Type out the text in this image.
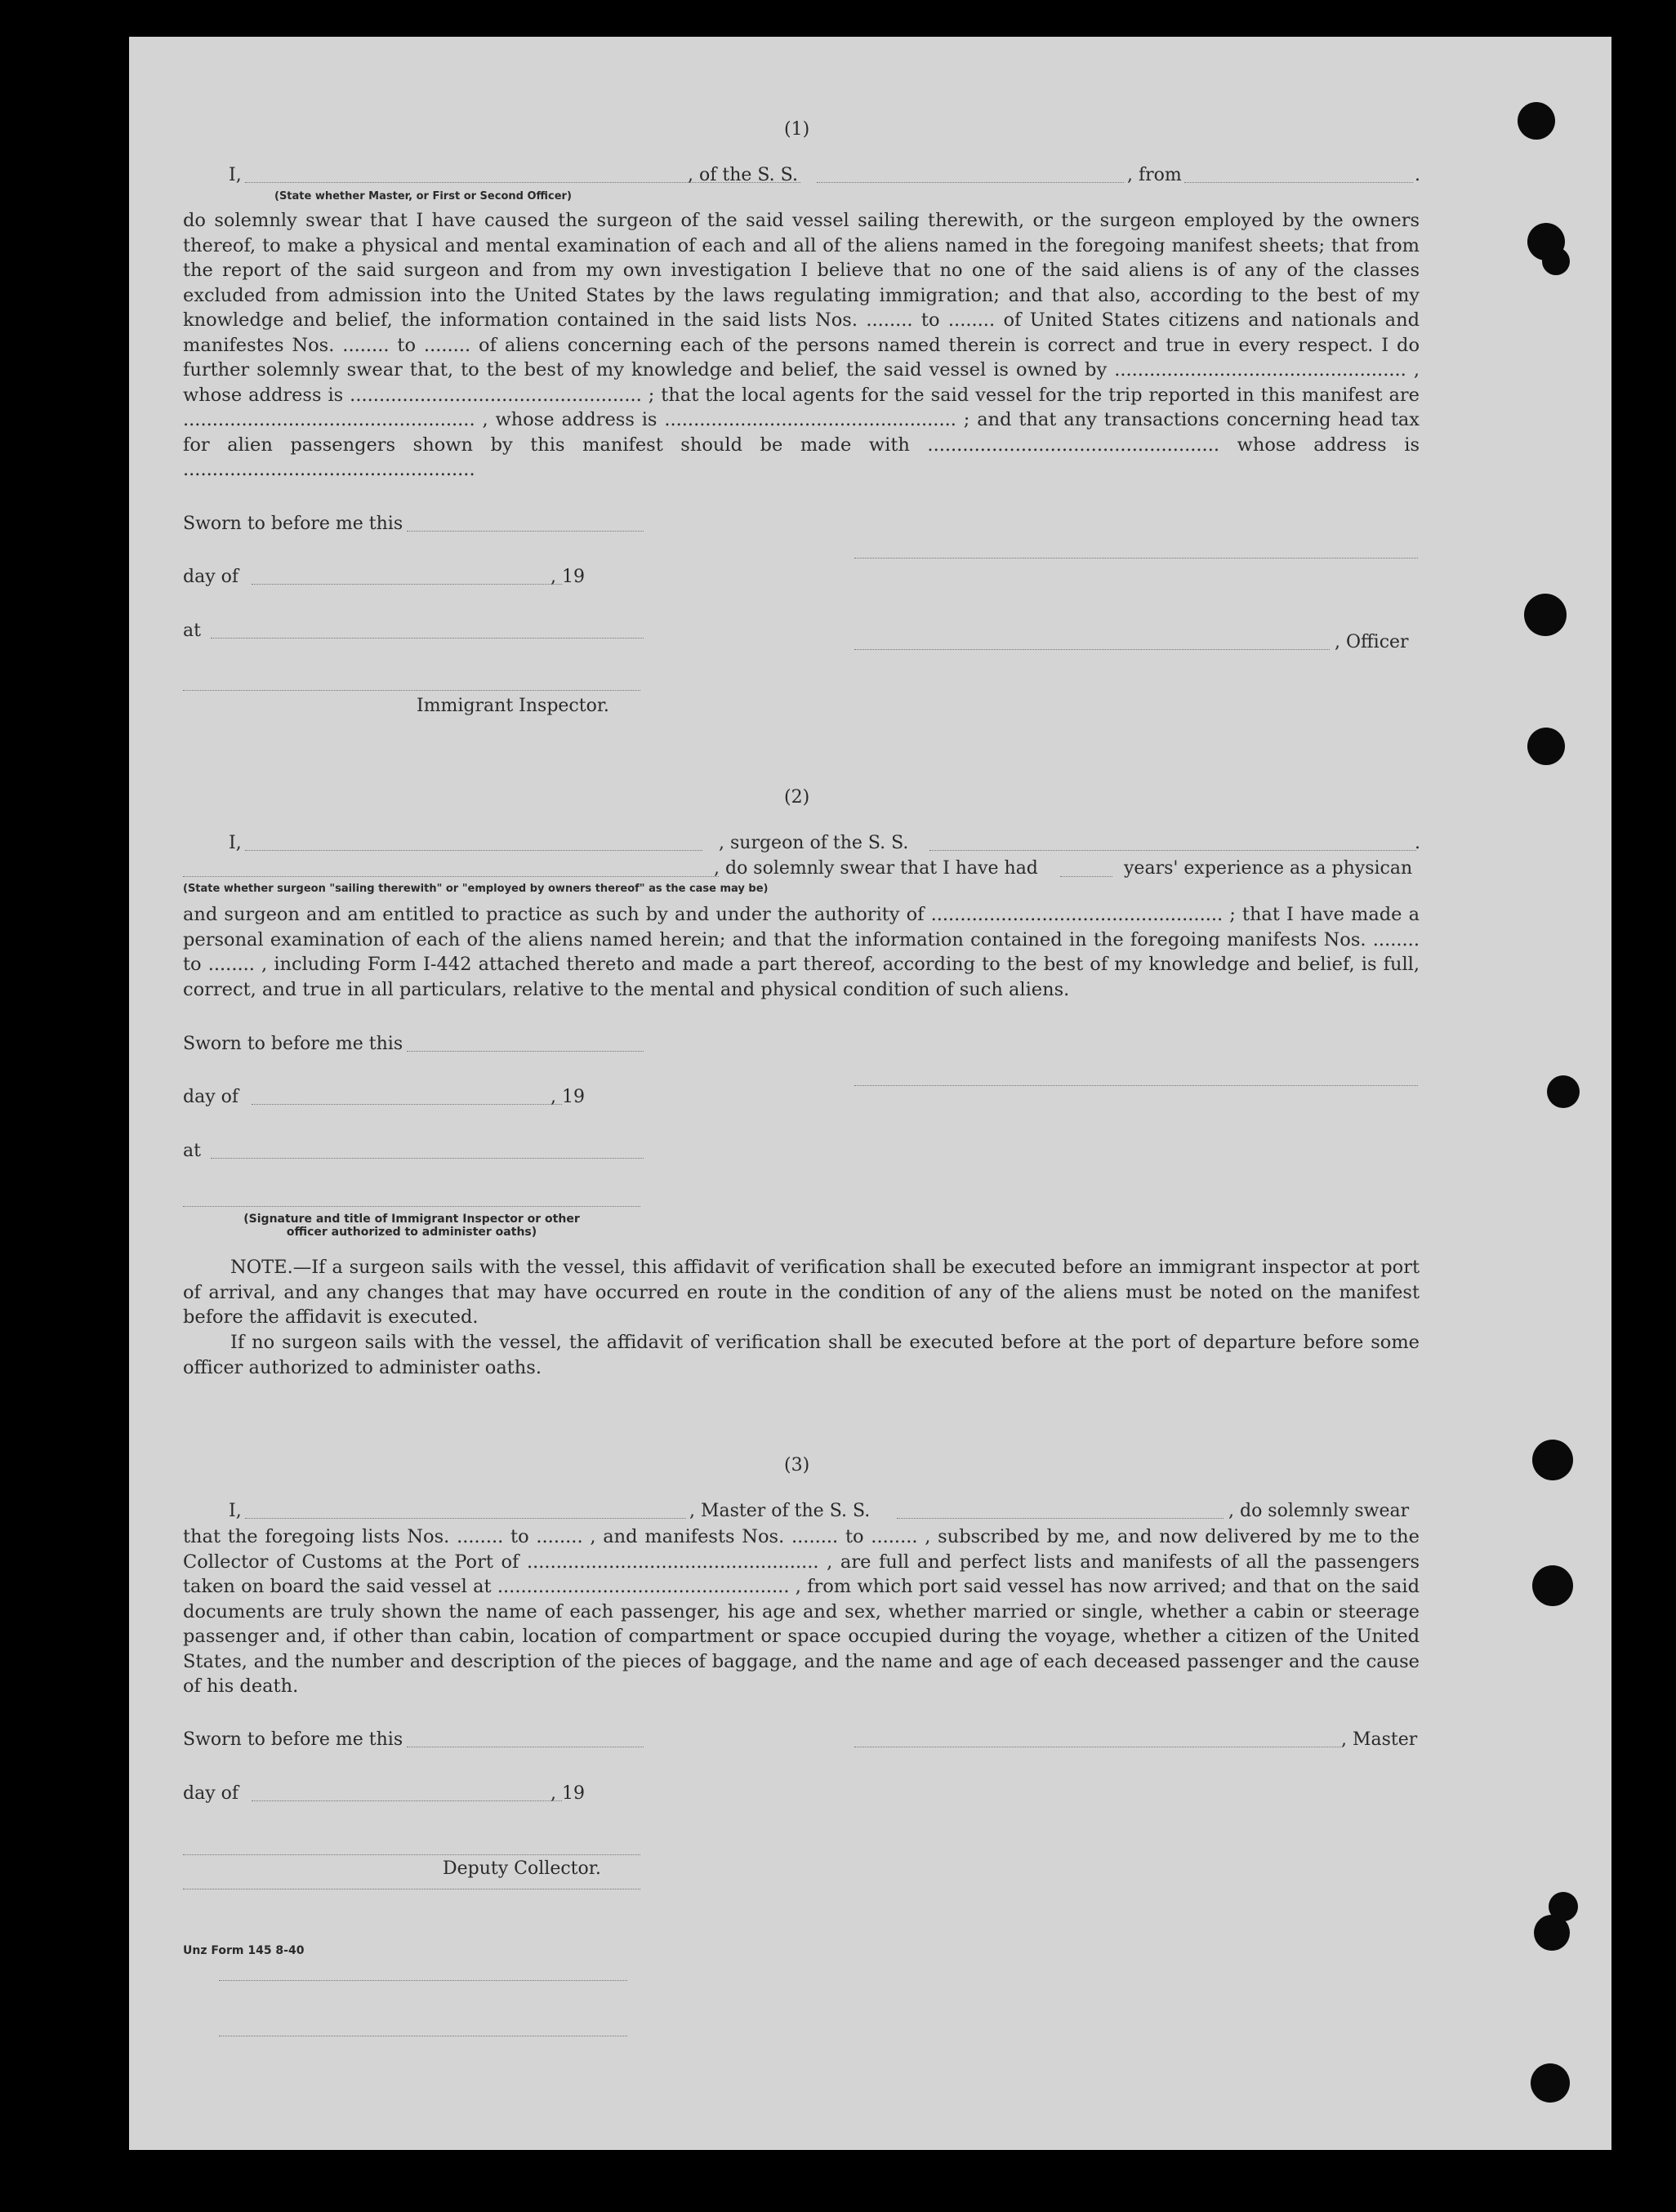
(1)
I,	, of the S. S.	, from	.
(State whether Master, or First or Second Officer)
do solemnly swear that I have caused the surgeon of the said vessel sailing therewith, or the surgeon employed by the owners thereof, to make a physical and mental examination of each and all of the aliens named in the foregoing manifest sheets; that from the report of the said surgeon and from my own investigation I believe that no one of the said aliens is of any of the classes excluded from admission into the United States by the laws regulating immigration; and that also, according to the best of my knowledge and belief, the information contained in the said lists Nos. ........ to ........ of United States citizens and nationals and manifestes Nos. ........ to ........ of aliens concerning each of the persons named therein is correct and true in every respect. I do further solemnly swear that, to the best of my knowledge and belief, the said vessel is owned by .................................................. , whose address is .................................................. ; that the local agents for the said vessel for the trip reported in this manifest are .................................................. , whose address is .................................................. ; and that any transactions concerning head tax for alien passengers shown by this manifest should be made with .................................................. whose address is ..................................................
Sworn to before me this
day of	, 19
at
, Officer
Immigrant Inspector.
(2)
I,	, surgeon of the S. S.	.
, do solemnly swear that I have had	years' experience as a physican
(State whether surgeon "sailing therewith" or "employed by owners thereof" as the case may be)
and surgeon and am entitled to practice as such by and under the authority of .................................................. ; that I have made a personal examination of each of the aliens named herein; and that the information contained in the foregoing manifests Nos. ........ to ........ , including Form I-442 attached thereto and made a part thereof, according to the best of my knowledge and belief, is full, correct, and true in all particulars, relative to the mental and physical condition of such aliens.
Sworn to before me this
day of	, 19
at
(Signature and title of Immigrant Inspector or other
officer authorized to administer oaths)
NOTE.—If a surgeon sails with the vessel, this affidavit of verification shall be executed before an immigrant inspector at port of arrival, and any changes that may have occurred en route in the condition of any of the aliens must be noted on the manifest before the affidavit is executed.
If no surgeon sails with the vessel, the affidavit of verification shall be executed before at the port of departure before some officer authorized to administer oaths.
(3)
I,	, Master of the S. S.	, do solemnly swear
that the foregoing lists Nos. ........ to ........ , and manifests Nos. ........ to ........ , subscribed by me, and now delivered by me to the Collector of Customs at the Port of .................................................. , are full and perfect lists and manifests of all the passengers taken on board the said vessel at .................................................. , from which port said vessel has now arrived; and that on the said documents are truly shown the name of each passenger, his age and sex, whether married or single, whether a cabin or steerage passenger and, if other than cabin, location of compartment or space occupied during the voyage, whether a citizen of the United States, and the number and description of the pieces of baggage, and the name and age of each deceased passenger and the cause of his death.
Sworn to before me this	, Master
day of	, 19
Deputy Collector.
Unz Form 145 8-40
